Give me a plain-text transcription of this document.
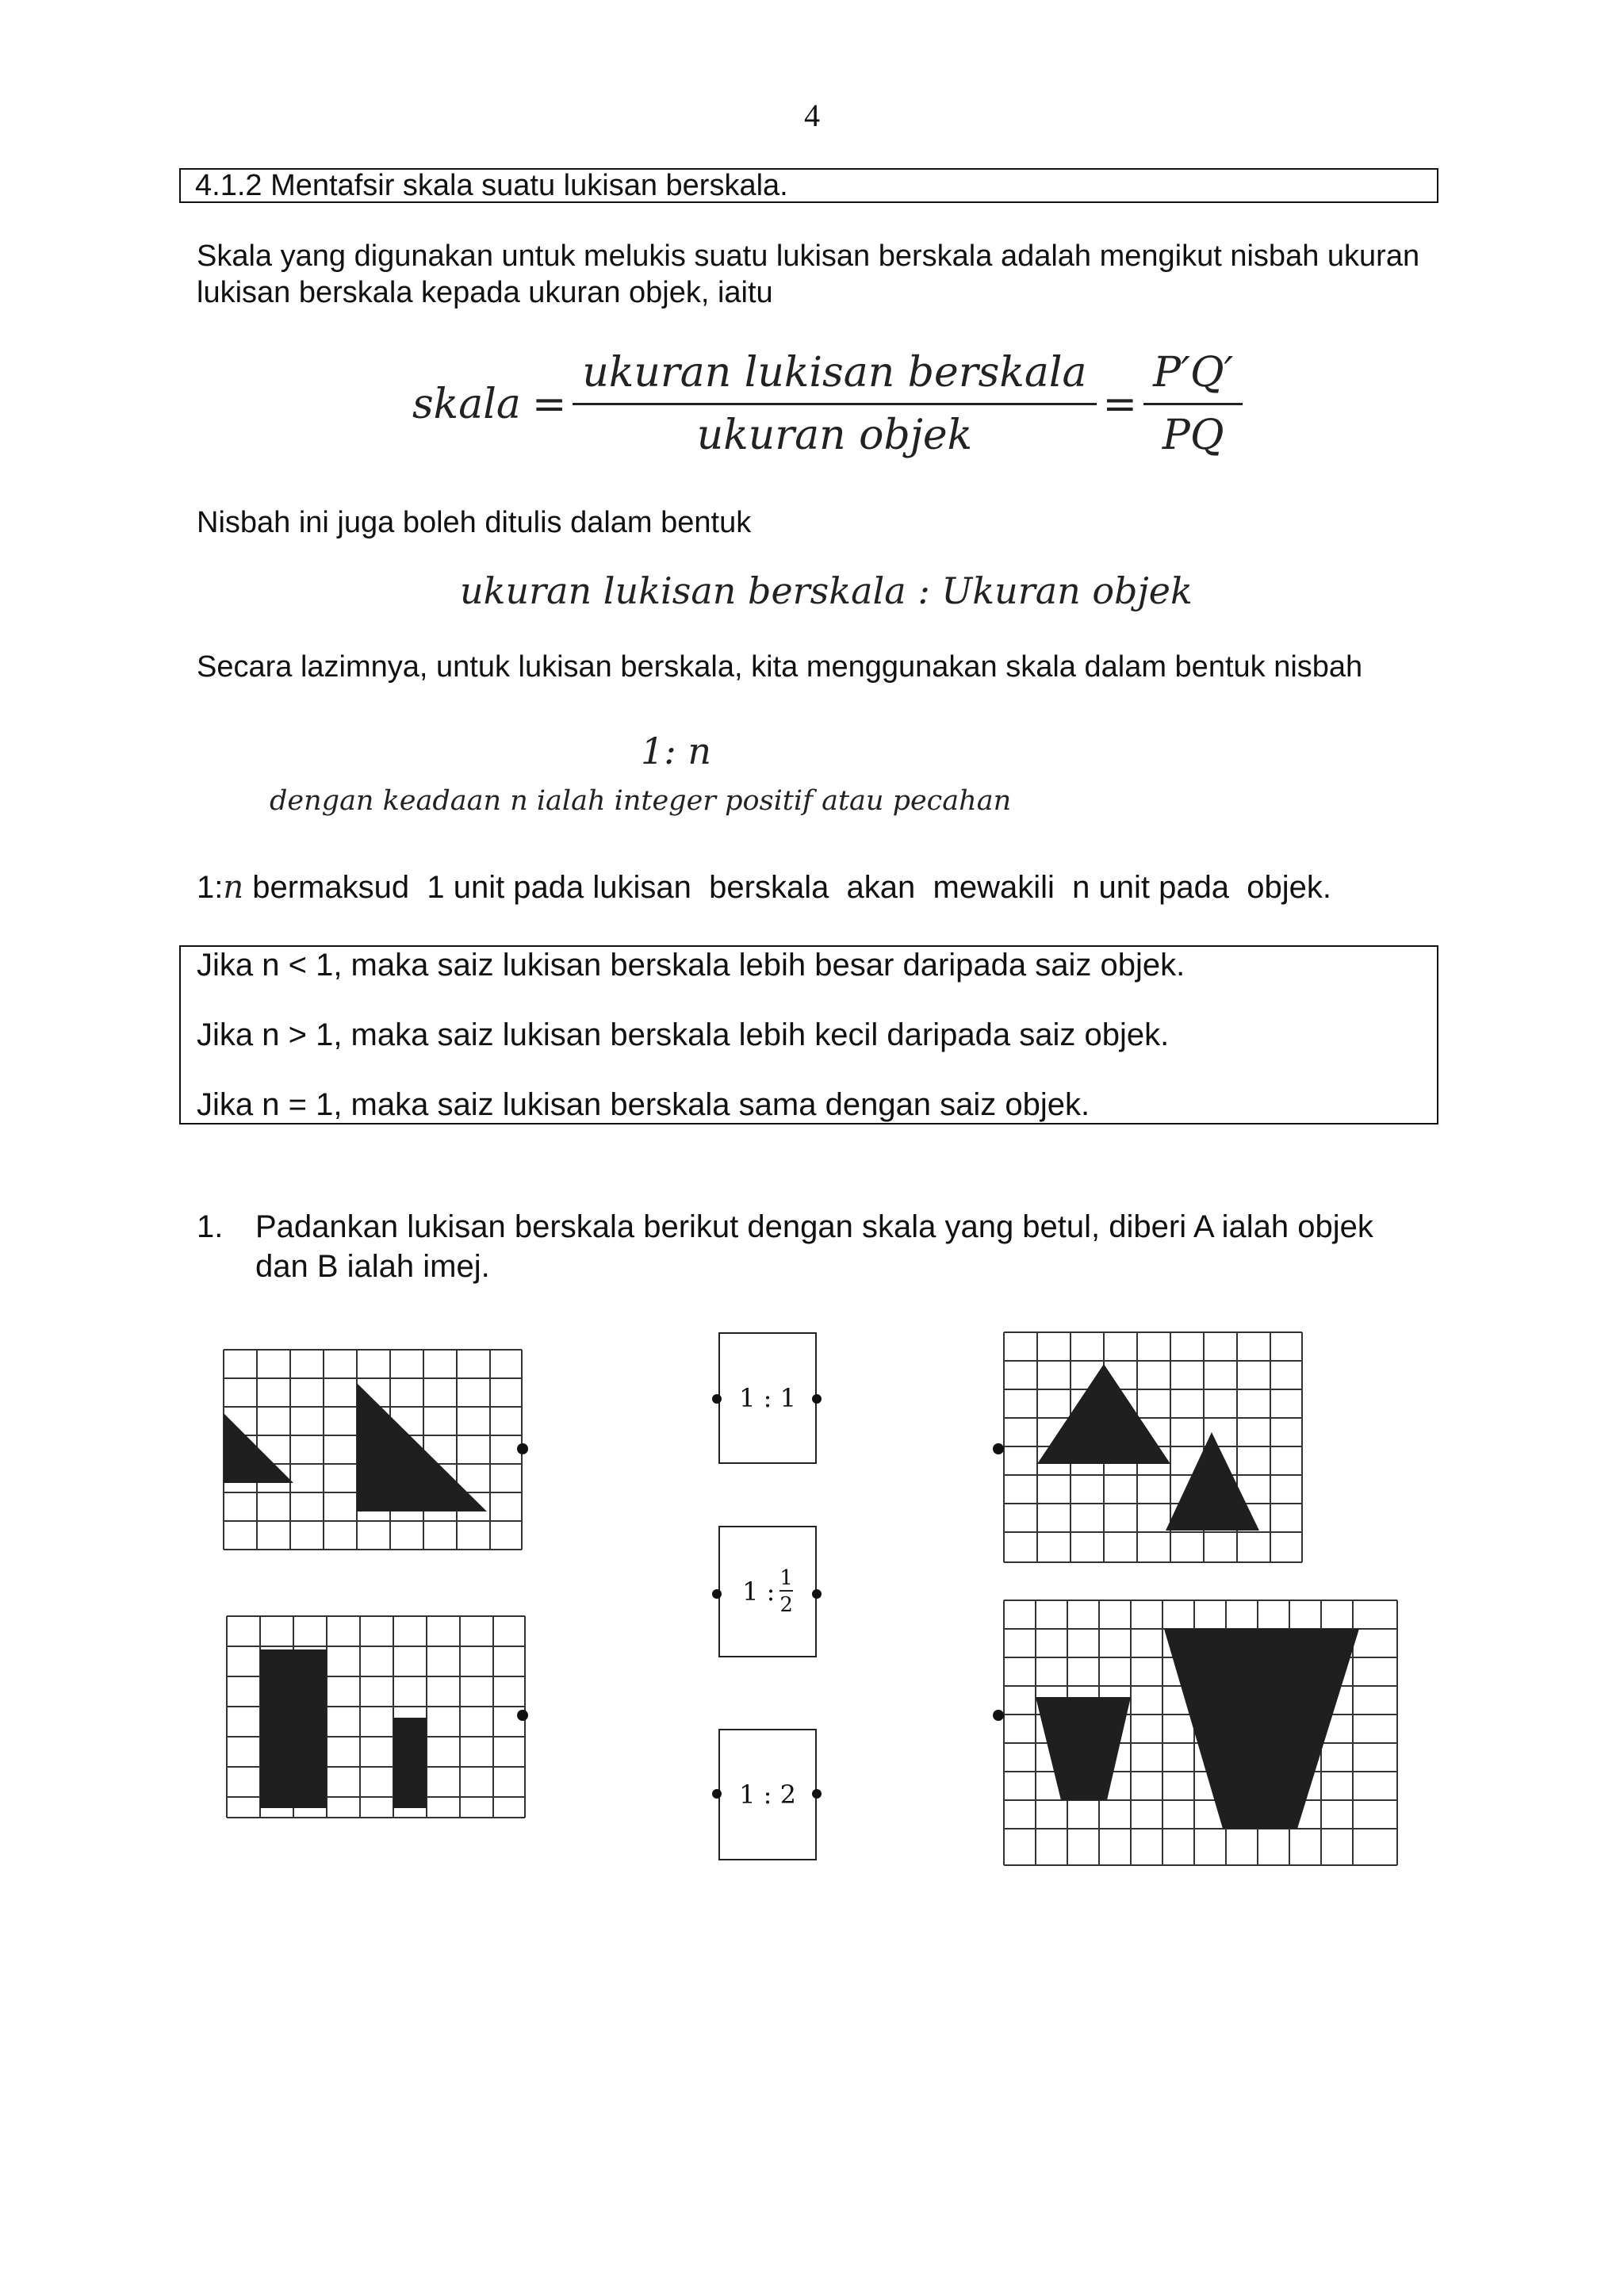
4
4.1.2 Mentafsir skala suatu lukisan berskala.
Skala yang digunakan untuk melukis suatu lukisan berskala adalah mengikut nisbah ukuran lukisan berskala kepada ukuran objek, iaitu
skala = $\frac{\text{ukuran lukisan berskala}}{\text{ukuran objek}} = \frac{P'Q'}{PQ}$
Nisbah ini juga boleh ditulis dalam bentuk
ukuran lukisan berskala : Ukuran objek
Secara lazimnya, untuk lukisan berskala, kita menggunakan skala dalam bentuk nisbah
1: n
dengan keadaan n ialah integer positif atau pecahan
1:n bermaksud  1 unit pada lukisan  berskala  akan  mewakili  n unit pada  objek.
Jika n < 1, maka saiz lukisan berskala lebih besar daripada saiz objek.
Jika n > 1, maka saiz lukisan berskala lebih kecil daripada saiz objek.
Jika n = 1, maka saiz lukisan berskala sama dengan saiz objek.
1. Padankan lukisan berskala berikut dengan skala yang betul, diberi A ialah objek dan B ialah imej.
1 : 1
1 : $\frac{1}{2}$
1 : 2
